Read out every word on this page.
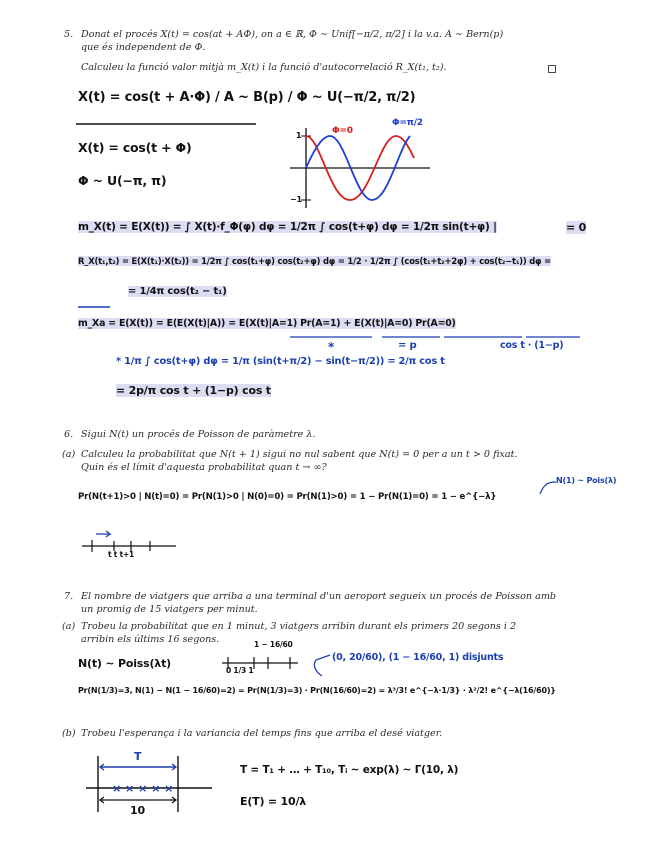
5. Donat el procés X(t) = cos(at + AΦ), on a ∈ ℝ, Φ ∼ Unif[−π/2, π/2] i la v.a. A ∼ Bern(p)
que és independent de Φ.
Calculeu la funció valor mitjà m_X(t) i la funció d'autocorrelació R_X(t₁, t₂).
X(t) = cos(t + A·Φ) / A ~ B(p) / Φ ~ U(−π/2, π/2)
X(t) = cos(t + Φ)
Φ ~ U(−π, π)
× × × × ×
Φ=0
Φ=π/2
1
−1
m_X(t) = E(X(t)) = ∫ X(t)·f_Φ(φ) dφ = 1/2π ∫ cos(t+φ) dφ = 1/2π sin(t+φ) |	= 0
R_X(t₁,t₂) = E(X(t₁)·X(t₂)) = 1/2π ∫ cos(t₁+φ) cos(t₂+φ) dφ = 1/2 · 1/2π ∫ (cos(t₁+t₂+2φ) + cos(t₂−t₁)) dφ =
= 1/4π cos(t₂ − t₁)
m_Xa = E(X(t)) = E(E(X(t)|A)) = E(X(t)|A=1) Pr(A=1) + E(X(t)|A=0) Pr(A=0)
*	= p	cos t · (1−p)
* 1/π ∫ cos(t+φ) dφ = 1/π (sin(t+π/2) − sin(t−π/2)) = 2/π cos t
= 2p/π cos t + (1−p) cos t
6. Sigui N(t) un procés de Poisson de paràmetre λ.
(a) Calculeu la probabilitat que N(t + 1) sigui no nul sabent que N(t) = 0 per a un t > 0 fixat.
Quin és el límit d'aquesta probabilitat quan t → ∞?
N(1) ~ Pois(λ)
Pr(N(t+1)>0 | N(t)=0) = Pr(N(1)>0 | N(0)=0) = Pr(N(1)>0) = 1 − Pr(N(1)=0) = 1 − e^{−λ}
t t t+1
7. El nombre de viatgers que arriba a una terminal d'un aeroport segueix un procés de Poisson amb
un promig de 15 viatgers per minut.
(a) Trobeu la probabilitat que en 1 minut, 3 viatgers arribin durant els primers 20 segons i 2
arribin els últims 16 segons.	1 − 16/60
N(t) ~ Poiss(λt)
0 1/3 1
(0, 20/60), (1 − 16/60, 1) disjunts
Pr(N(1/3)=3, N(1) − N(1 − 16/60)=2) = Pr(N(1/3)=3) · Pr(N(16/60)=2) = λ³/3! e^{−λ·1/3} · λ²/2! e^{−λ(16/60)}
(b) Trobeu l'esperança i la variancia del temps fins que arriba el desé viatger.
T
10
T = T₁ + … + T₁₀, Tᵢ ~ exp(λ) ~ Γ(10, λ)
E(T) = 10/λ
